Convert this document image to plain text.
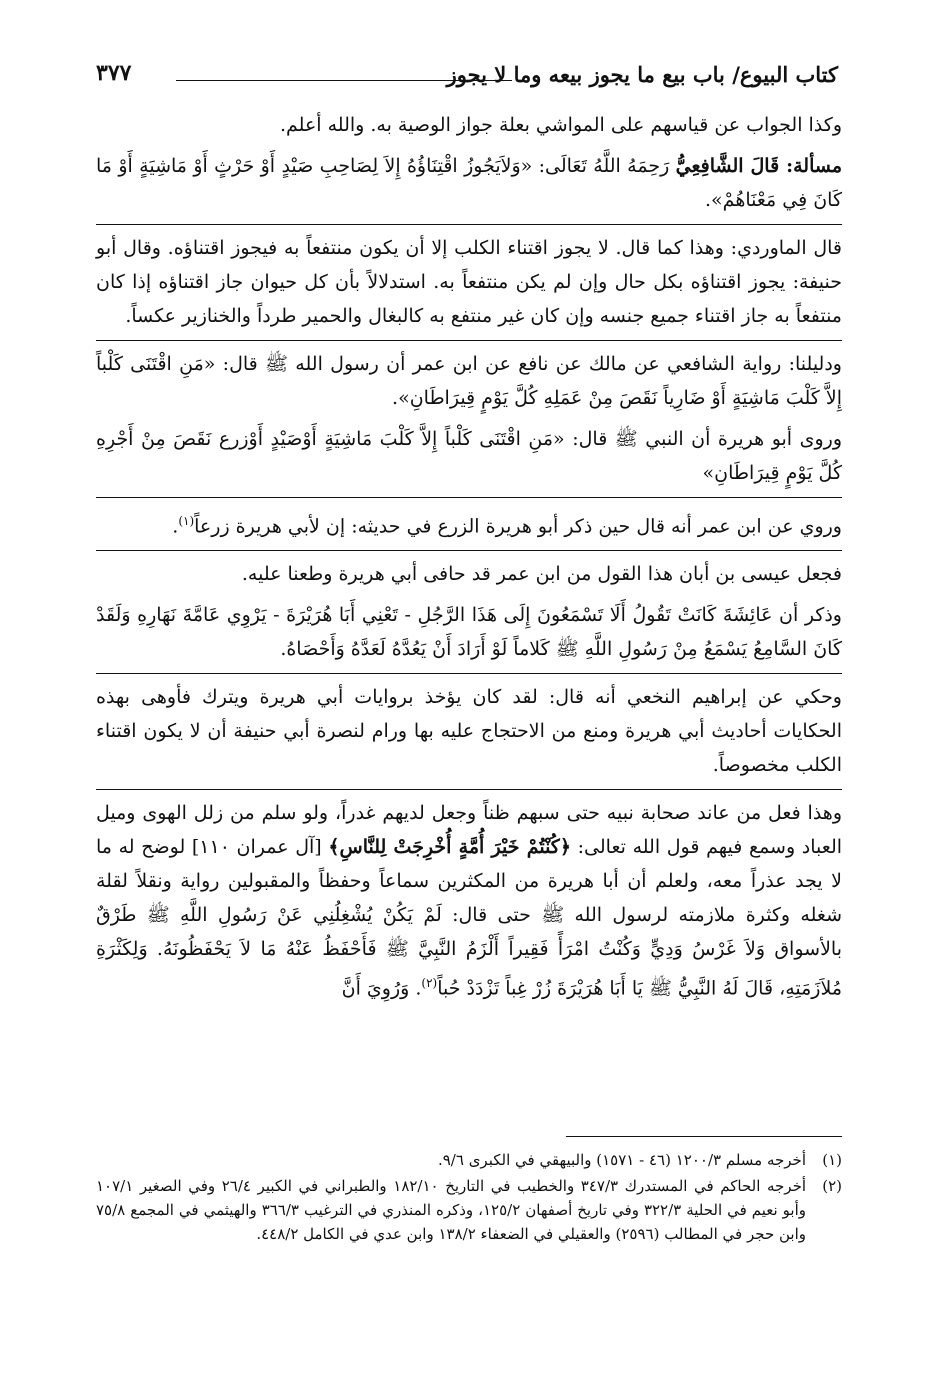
كتاب البيوع/ باب بيع ما يجوز بيعه وما لا يجوز
٣٧٧

وكذا الجواب عن قياسهم على المواشي بعلة جواز الوصية به. والله أعلم.

مسألة: قَالَ الشَّافِعِيُّ رَحِمَهُ اللَّهُ تَعَالَى: «وَلاَيَجُوزُ اقْتِنَاؤُهُ إِلاَ لِصَاحِبِ صَيْدٍ أَوْ حَرْثٍ أَوْ مَاشِيَةٍ أَوْ مَا كَانَ فِي مَعْنَاهُمْ».

قال الماوردي: وهذا كما قال. لا يجوز اقتناء الكلب إلا أن يكون منتفعاً به فيجوز اقتناؤه. وقال أبو حنيفة: يجوز اقتناؤه بكل حال وإن لم يكن منتفعاً به. استدلالاً بأن كل حيوان جاز اقتناؤه إذا كان منتفعاً به جاز اقتناء جميع جنسه وإن كان غير منتفع به كالبغال والحمير طرداً والخنازير عكساً.

ودليلنا: رواية الشافعي عن مالك عن نافع عن ابن عمر أن رسول الله ﷺ قال: «مَنِ اقْتَنَى كَلْباً إِلاَّ كَلْبَ مَاشِيَةٍ أَوْ ضَارِياً نَقَصَ مِنْ عَمَلِهِ كُلَّ يَوْمٍ قِيرَاطَانِ».

وروى أبو هريرة أن النبي ﷺ قال: «مَنِ اقْتَنَى كَلْباً إِلاَّ كَلْبَ مَاشِيَةٍ أَوْصَيْدٍ أَوْزرع نَقَصَ مِنْ أَجْرِهِ كُلَّ يَوْمٍ قِيرَاطَانِ»

وروي عن ابن عمر أنه قال حين ذكر أبو هريرة الزرع في حديثه: إن لأبي هريرة زرعاً$^{(١)}$.

فجعل عيسى بن أبان هذا القول من ابن عمر قد حافى أبي هريرة وطعنا عليه.

وذكر أن عَائِشَةَ كَانَتْ تَقُولُ أَلَا تَسْمَعُونَ إِلَى هَذَا الرَّجُلِ - تَعْنِي أَبَا هُرَيْرَةَ - يَرْوِي عَامَّةَ نَهَارِهِ وَلَقَدْ كَانَ السَّامِعُ يَسْمَعُ مِنْ رَسُولِ اللَّهِ ﷺ كَلاماً لَوْ أَرَادَ أَنْ يَعُدَّهُ لَعَدَّهُ وَأَحْصَاهُ.

وحكي عن إبراهيم النخعي أنه قال: لقد كان يؤخذ بروايات أبي هريرة ويترك فأوهى بهذه الحكايات أحاديث أبي هريرة ومنع من الاحتجاج عليه بها ورام لنصرة أبي حنيفة أن لا يكون اقتناء الكلب مخصوصاً.

وهذا فعل من عاند صحابة نبيه حتى سبهم ظناً وجعل لديهم غدراً، ولو سلم من زلل الهوى وميل العباد وسمع فيهم قول الله تعالى: ﴿كُنْتُمْ خَيْرَ أُمَّةٍ أُخْرِجَتْ لِلنَّاسِ﴾ [آل عمران ١١٠] لوضح له ما لا يجد عذراً معه، ولعلم أن أبا هريرة من المكثرين سماعاً وحفظاً والمقبولين رواية ونقلاً لقلة شغله وكثرة ملازمته لرسول الله ﷺ حتى قال: لَمْ يَكُنْ يُشْغِلُنِي عَنْ رَسُولِ اللَّهِ ﷺ طَرْقٌ بالأسواق وَلاَ غَرْسُ وَدِيٍّ وَكُنْتُ امْرَأً فَقِيراً أَلْزَمُ النَّبِيَّ ﷺ فَأَحْفَظُ عَنْهُ مَا لاَ يَحْفَظُونَهُ. وَلِكَثْرَةِ مُلاَزَمَتِهِ، قَالَ لَهُ النَّبِيُّ ﷺ يَا أَبَا هُرَيْرَةَ زُرْ غِباً تَزْدَدْ حُباً$^{(٢)}$. وَرُوِيَ أَنَّ

(١)أخرجه مسلم ١٢٠٠/٣ (٤٦ - ١٥٧١) والبيهقي في الكبرى ٩/٦.

(٢)أخرجه الحاكم في المستدرك ٣٤٧/٣ والخطيب في التاريخ ١٨٢/١٠ والطبراني في الكبير ٢٦/٤ وفي الصغير ١٠٧/١ وأبو نعيم في الحلية ٣٢٢/٣ وفي تاريخ أصفهان ١٢٥/٢، وذكره المنذري في الترغيب ٣٦٦/٣ والهيثمي في المجمع ٧٥/٨ وابن حجر في المطالب (٢٥٩٦) والعقيلي في الضعفاء ١٣٨/٢ وابن عدي في الكامل ٤٤٨/٢.
